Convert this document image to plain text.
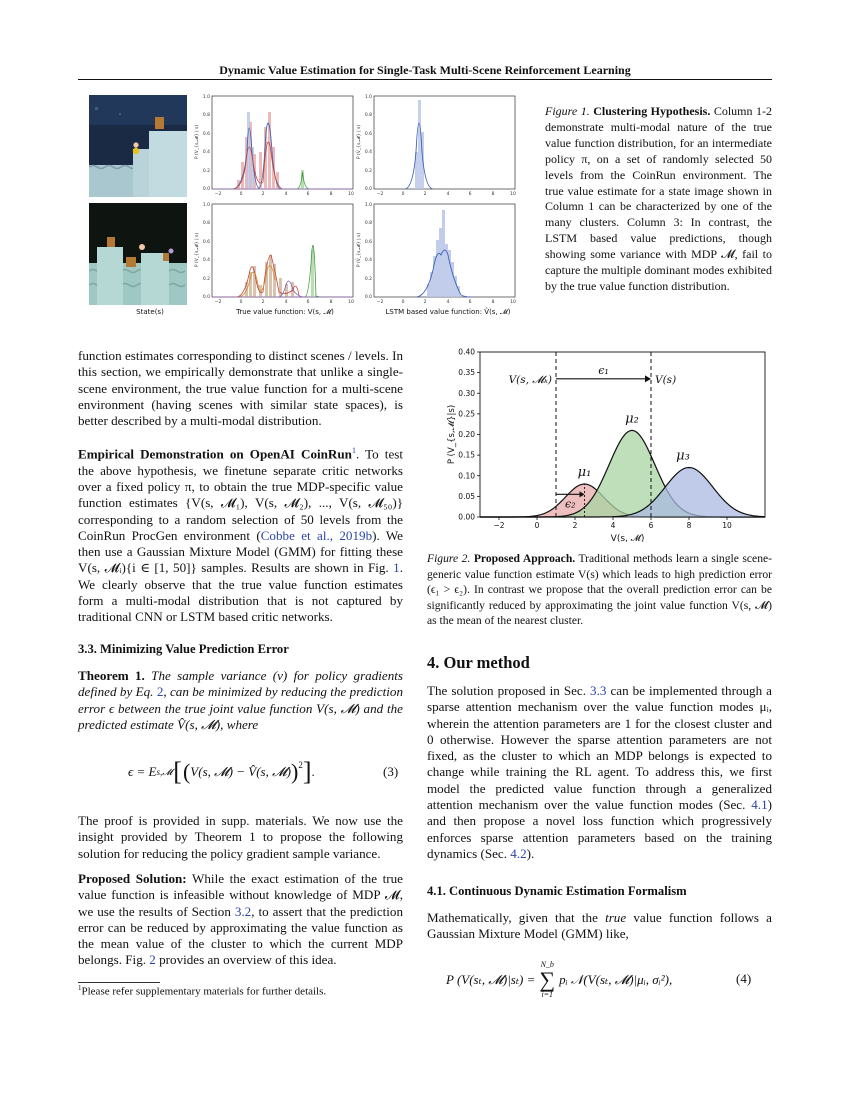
Dynamic Value Estimation for Single-Task Multi-Scene Reinforcement Learning
0.0
0.2
0.4
0.6
0.8
1.0
−2	0	2	4	6	8	10
P (V_{s,𝓜} | s)
0.0
0.2
0.4
0.6
0.8
1.0
−2	0	2	4	6	8	10
P (V̂_{s,𝓜} | s)
0.0
0.2
0.4
0.6
0.8
1.0
−2	0	2	4	6	8	10
P (V_{s,𝓜} | s)
0.0
0.2
0.4
0.6
0.8
1.0
−2	0	2	4	6	8	10
P (V̂_{s,𝓜} | s)
State(s)	True value function: V(s, 𝓜)	LSTM based value function: V̂(s, 𝓜)

Figure 1. Clustering Hypothesis. Column 1-2 demonstrate multi-modal nature of the true value function distribution, for an intermediate policy π, on a set of randomly selected 50 levels from the CoinRun environment. The true value estimate for a state image shown in Column 1 can be characterized by one of the many clusters. Column 3: In contrast, the LSTM based value predictions, though showing some variance with MDP 𝓜, fail to capture the multiple dominant modes exhibited by the true value function distribution.

function estimates corresponding to distinct scenes / levels. In this section, we empirically demonstrate that unlike a single-scene environment, the true value function for a multi-scene environment (having scenes with similar state spaces), is better described by a multi-modal distribution.

Empirical Demonstration on OpenAI CoinRun$^1$. To test the above hypothesis, we finetune separate critic networks over a fixed policy π, to obtain the true MDP-specific value function estimates {V(s, 𝓜₁), V(s, 𝓜₂), ..., V(s, 𝓜₅₀)} corresponding to a random selection of 50 levels from the CoinRun ProcGen environment (Cobbe et al., 2019b). We then use a Gaussian Mixture Model (GMM) for fitting these V(s, 𝓜ᵢ){i ∈ [1, 50]} samples. Results are shown in Fig. 1. We clearly observe that the true value function estimates form a multi-modal distribution that is not captured by traditional CNN or LSTM based critic networks.

3.3. Minimizing Value Prediction Error

Theorem 1. The sample variance (ν) for policy gradients defined by Eq. 2, can be minimized by reducing the prediction error ϵ between the true joint value function V(s, 𝓜) and the predicted estimate V̂(s, 𝓜), where

ϵ = E s,𝓜 [ ( V(s, 𝓜) − V̂(s, 𝓜) )$^2$ ] .	(3)

The proof is provided in supp. materials. We now use the insight provided by Theorem 1 to propose the following solution for reducing the policy gradient sample variance.

Proposed Solution: While the exact estimation of the true value function is infeasible without knowledge of MDP 𝓜, we use the results of Section 3.2, to assert that the prediction error can be reduced by approximating the value function as the mean value of the cluster to which the current MDP belongs. Fig. 2 provides an overview of this idea.

$^1$Please refer supplementary materials for further details.
−2	0	2	4	6	8	10
0.00
0.05
0.10
0.15
0.20
0.25
0.30
0.35
0.40
V(s, 𝓜)
P (V_{s,𝓜}|s)
V(s, 𝓜ₖ)	V(s)
ϵ₁
ϵ₂
μ₁
μ₂
μ₃

Figure 2. Proposed Approach. Traditional methods learn a single scene-generic value function estimate V(s) which leads to high prediction error (ϵ₁ > ϵ₂). In contrast we propose that the overall prediction error can be significantly reduced by approximating the joint value function V(s, 𝓜) as the mean of the nearest cluster.

4. Our method

The solution proposed in Sec. 3.3 can be implemented through a sparse attention mechanism over the value function modes μᵢ, wherein the attention parameters are 1 for the closest cluster and 0 otherwise. However the sparse attention parameters are not fixed, as the cluster to which an MDP belongs is expected to change while training the RL agent. To address this, we first model the predicted value function through a generalized attention mechanism over the value function modes (Sec. 4.1) and then propose a novel loss function which progressively enforces sparse attention parameters based on the training dynamics (Sec. 4.2).

4.1. Continuous Dynamic Estimation Formalism

Mathematically, given that the true value function follows a Gaussian Mixture Model (GMM) like,

P (V(sₜ, 𝓜)|sₜ) =
N_b
∑
i=1
pᵢ 𝒩(V(sₜ, 𝓜)|μᵢ, σᵢ²),	(4)
